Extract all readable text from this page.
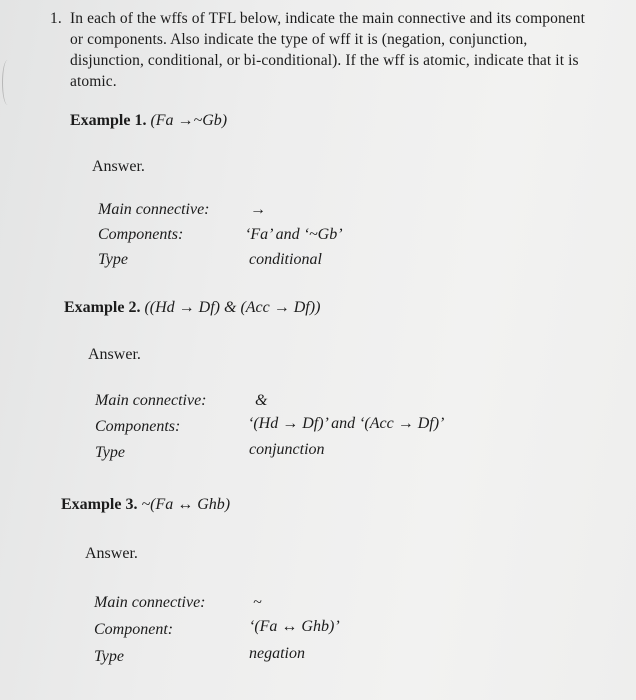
1. In each of the wffs of TFL below, indicate the main connective and its component or components. Also indicate the type of wff it is (negation, conjunction, disjunction, conditional, or bi-conditional). If the wff is atomic, indicate that it is atomic.
Example 1. (Fa →~Gb)
Answer.
Main connective:	→
Components:	‘Fa’ and ‘~Gb’
Type	conditional
Example 2. ((Hd → Df) & (Acc → Df))
Answer.
Main connective:	&
Components:	‘(Hd → Df)’ and ‘(Acc → Df)’
Type	conjunction
Example 3. ~(Fa ↔ Ghb)
Answer.
Main connective:	~
Component:	‘(Fa ↔ Ghb)’
Type	negation
